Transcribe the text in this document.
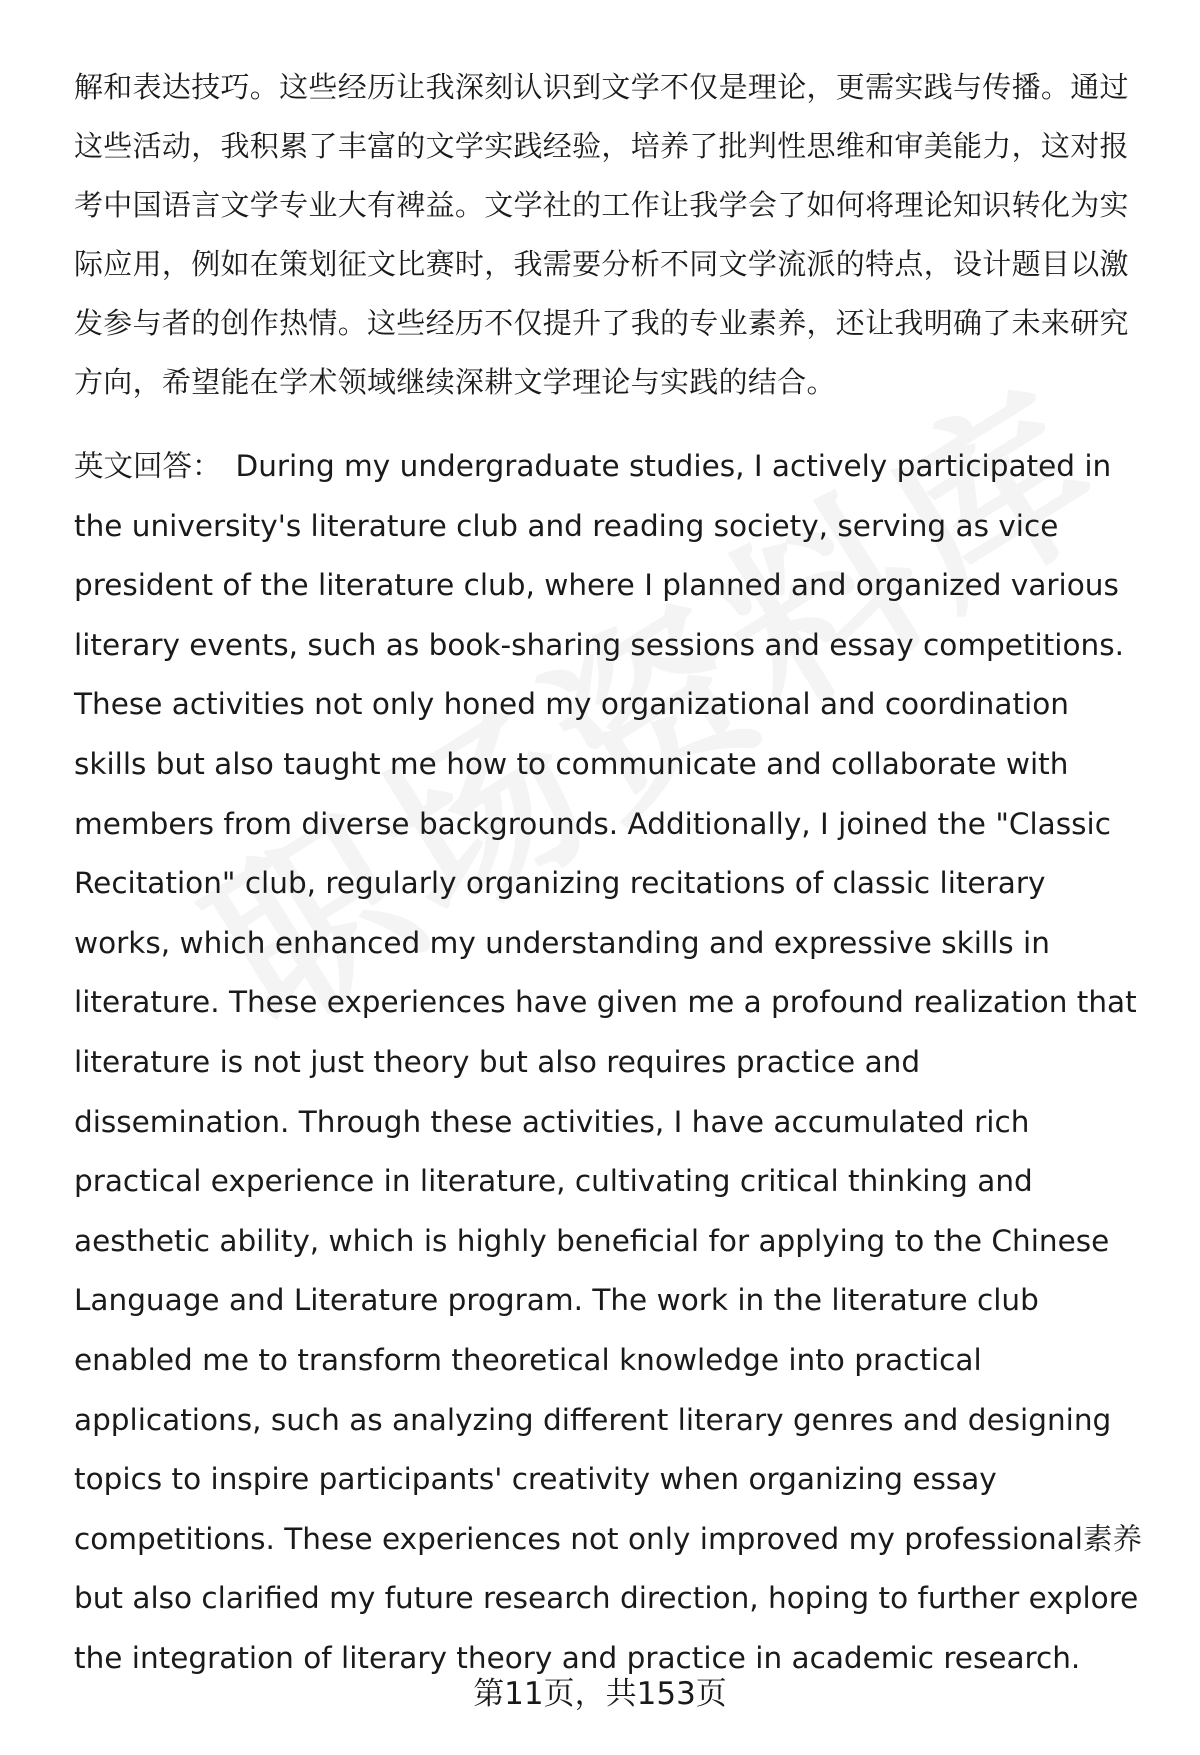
解和表达技巧。这些经历让我深刻认识到文学不仅是理论，更需实践与传播。通过这些活动，我积累了丰富的文学实践经验，培养了批判性思维和审美能力，这对报考中国语言文学专业大有裨益。文学社的工作让我学会了如何将理论知识转化为实际应用，例如在策划征文比赛时，我需要分析不同文学流派的特点，设计题目以激发参与者的创作热情。这些经历不仅提升了我的专业素养，还让我明确了未来研究方向，希望能在学术领域继续深耕文学理论与实践的结合。

英文回答： During my undergraduate studies, I actively participated in the university's literature club and reading society, serving as vice president of the literature club, where I planned and organized various literary events, such as book-sharing sessions and essay competitions. These activities not only honed my organizational and coordination skills but also taught me how to communicate and collaborate with members from diverse backgrounds. Additionally, I joined the "Classic Recitation" club, regularly organizing recitations of classic literary works, which enhanced my understanding and expressive skills in literature. These experiences have given me a profound realization that literature is not just theory but also requires practice and dissemination. Through these activities, I have accumulated rich practical experience in literature, cultivating critical thinking and aesthetic ability, which is highly beneficial for applying to the Chinese Language and Literature program. The work in the literature club enabled me to transform theoretical knowledge into practical applications, such as analyzing different literary genres and designing topics to inspire participants' creativity when organizing essay competitions. These experiences not only improved my professional素养 but also clarified my future research direction, hoping to further explore the integration of literary theory and practice in academic research.

第11页，共153页
